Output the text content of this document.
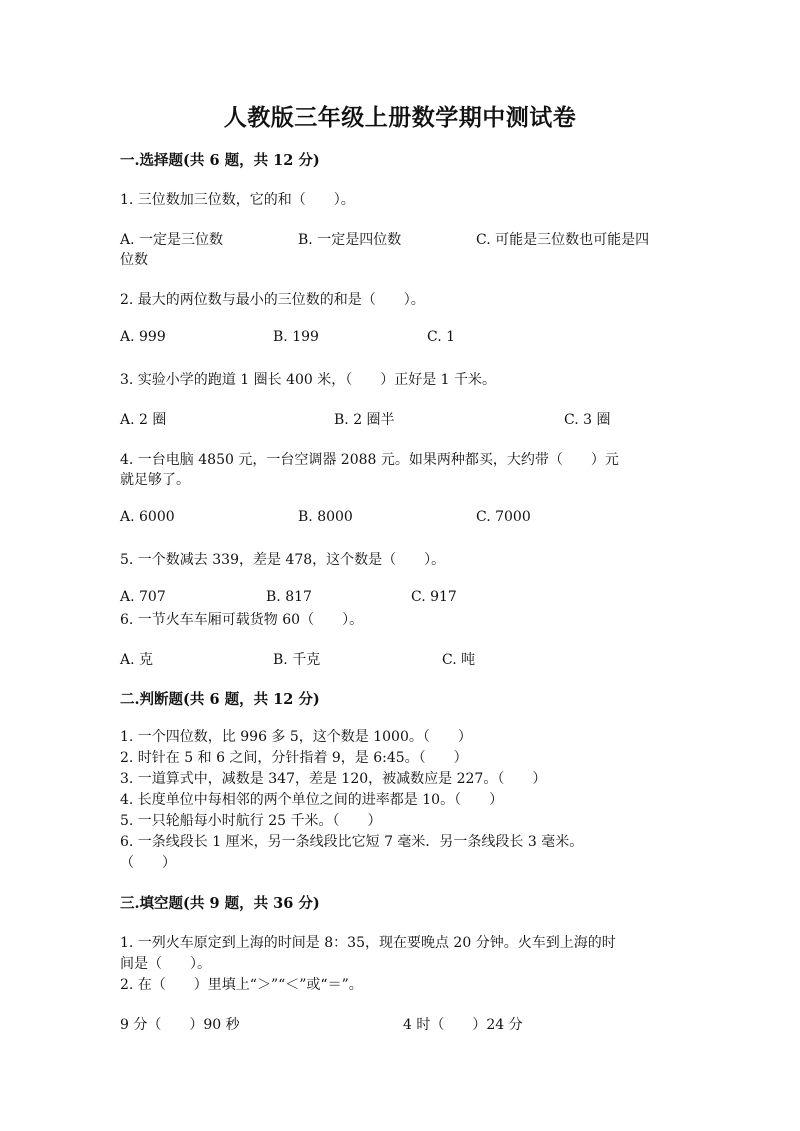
人教版三年级上册数学期中测试卷
一.选择题(共 6 题，共 12 分)
1. 三位数加三位数，它的和（　　）。
A. 一定是三位数	B. 一定是四位数	C. 可能是三位数也可能是四
位数
2. 最大的两位数与最小的三位数的和是（　　）。
A. 999	B. 199	C. 1
3. 实验小学的跑道 1 圈长 400 米，（　　）正好是 1 千米。
A. 2 圈	B. 2 圈半	C. 3 圈
4. 一台电脑 4850 元，一台空调器 2088 元。如果两种都买，大约带（　　）元
就足够了。
A. 6000	B. 8000	C. 7000
5. 一个数减去 339，差是 478，这个数是（　　）。
A. 707	B. 817	C. 917
6. 一节火车车厢可载货物 60（　　）。
A. 克	B. 千克	C. 吨
二.判断题(共 6 题，共 12 分)
1. 一个四位数，比 996 多 5，这个数是 1000。（　　）
2. 时针在 5 和 6 之间，分针指着 9，是 6:45。（　　）
3. 一道算式中，减数是 347，差是 120，被减数应是 227。（　　）
4. 长度单位中每相邻的两个单位之间的进率都是 10。（　　）
5. 一只轮船每小时航行 25 千米。（　　）
6. 一条线段长 1 厘米，另一条线段比它短 7 毫米．另一条线段长 3 毫米。
（　　）
三.填空题(共 9 题，共 36 分)
1. 一列火车原定到上海的时间是 8：35，现在要晚点 20 分钟。火车到上海的时
间是（　　）。
2. 在（　　）里填上“＞”“＜”或“＝”。
9 分（　　）90 秒	4 时（　　）24 分
